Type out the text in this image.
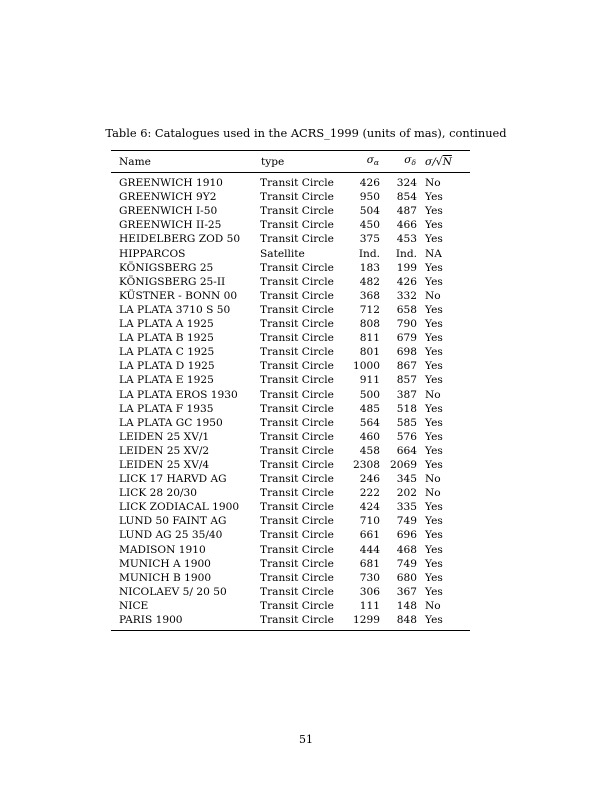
Table 6: Catalogues used in the ACRS_1999 (units of mas), continued
Name	type	$\sigma_\alpha$	$\sigma_\delta$	σ/√N
GREENWICH 1910	Transit Circle	426	324	No
GREENWICH 9Y2	Transit Circle	950	854	Yes
GREENWICH I-50	Transit Circle	504	487	Yes
GREENWICH II-25	Transit Circle	450	466	Yes
HEIDELBERG ZOD 50	Transit Circle	375	453	Yes
HIPPARCOS	Satellite	Ind.	Ind.	NA
KÖNIGSBERG 25	Transit Circle	183	199	Yes
KÖNIGSBERG 25-II	Transit Circle	482	426	Yes
KÜSTNER - BONN 00	Transit Circle	368	332	No
LA PLATA 3710 S 50	Transit Circle	712	658	Yes
LA PLATA A 1925	Transit Circle	808	790	Yes
LA PLATA B 1925	Transit Circle	811	679	Yes
LA PLATA C 1925	Transit Circle	801	698	Yes
LA PLATA D 1925	Transit Circle	1000	867	Yes
LA PLATA E 1925	Transit Circle	911	857	Yes
LA PLATA EROS 1930	Transit Circle	500	387	No
LA PLATA F 1935	Transit Circle	485	518	Yes
LA PLATA GC 1950	Transit Circle	564	585	Yes
LEIDEN 25 XV/1	Transit Circle	460	576	Yes
LEIDEN 25 XV/2	Transit Circle	458	664	Yes
LEIDEN 25 XV/4	Transit Circle	2308	2069	Yes
LICK 17 HARVD AG	Transit Circle	246	345	No
LICK 28 20/30	Transit Circle	222	202	No
LICK ZODIACAL 1900	Transit Circle	424	335	Yes
LUND 50 FAINT AG	Transit Circle	710	749	Yes
LUND AG 25 35/40	Transit Circle	661	696	Yes
MADISON 1910	Transit Circle	444	468	Yes
MUNICH A 1900	Transit Circle	681	749	Yes
MUNICH B 1900	Transit Circle	730	680	Yes
NICOLAEV 5/ 20 50	Transit Circle	306	367	Yes
NICE	Transit Circle	111	148	No
PARIS 1900	Transit Circle	1299	848	Yes
51
